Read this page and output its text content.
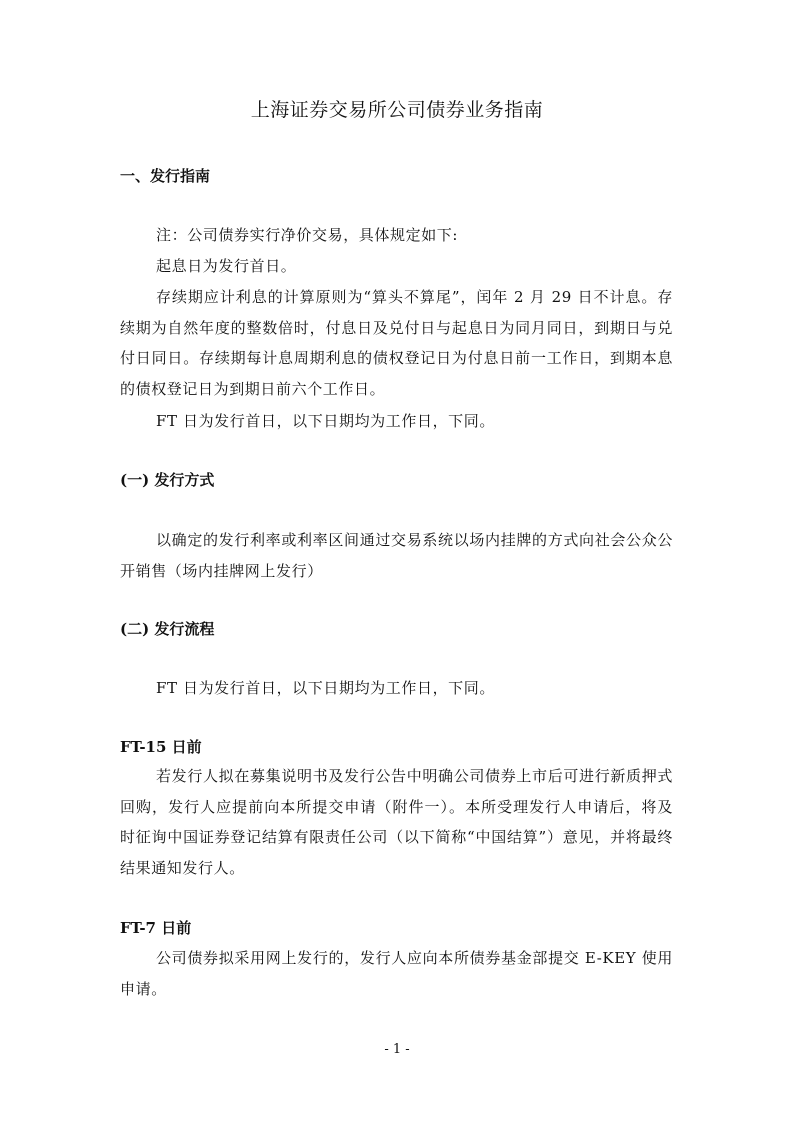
上海证券交易所公司债券业务指南
一、发行指南

注：公司债券实行净价交易，具体规定如下:

起息日为发行首日。

存续期应计利息的计算原则为“算头不算尾”，闰年 2 月 29 日不计息。存续期为自然年度的整数倍时，付息日及兑付日与起息日为同月同日，到期日与兑付日同日。存续期每计息周期利息的债权登记日为付息日前一工作日，到期本息的债权登记日为到期日前六个工作日。

FT 日为发行首日，以下日期均为工作日，下同。

(一) 发行方式

以确定的发行利率或利率区间通过交易系统以场内挂牌的方式向社会公众公开销售（场内挂牌网上发行）

(二) 发行流程

FT 日为发行首日，以下日期均为工作日，下同。

FT-15 日前

若发行人拟在募集说明书及发行公告中明确公司债券上市后可进行新质押式回购，发行人应提前向本所提交申请（附件一）。本所受理发行人申请后，将及时征询中国证券登记结算有限责任公司（以下简称“中国结算”）意见，并将最终结果通知发行人。

FT-7 日前

公司债券拟采用网上发行的，发行人应向本所债券基金部提交 E-KEY 使用申请。

- 1 -
